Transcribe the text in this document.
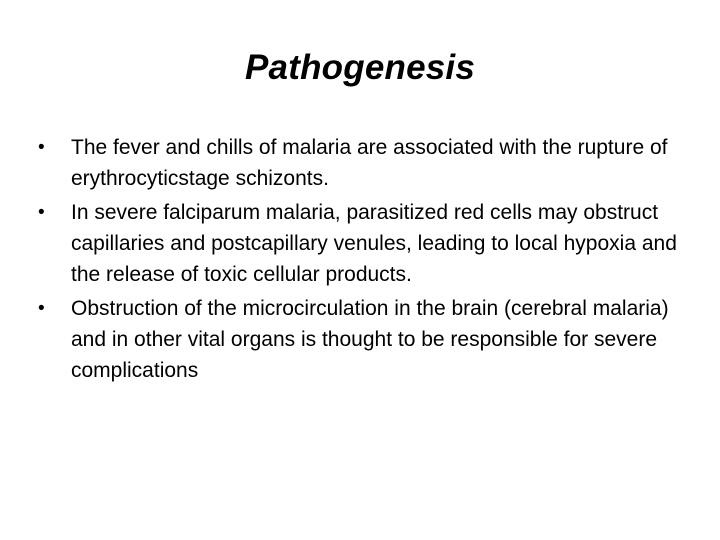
Pathogenesis
•	The fever and chills of malaria are associated with the rupture of erythrocyticstage schizonts.
•	In severe falciparum malaria, parasitized red cells may obstruct capillaries and postcapillary venules, leading to local hypoxia and the release of toxic cellular products.
•	Obstruction of the microcirculation in the brain (cerebral malaria) and in other vital organs is thought to be responsible for severe complications
